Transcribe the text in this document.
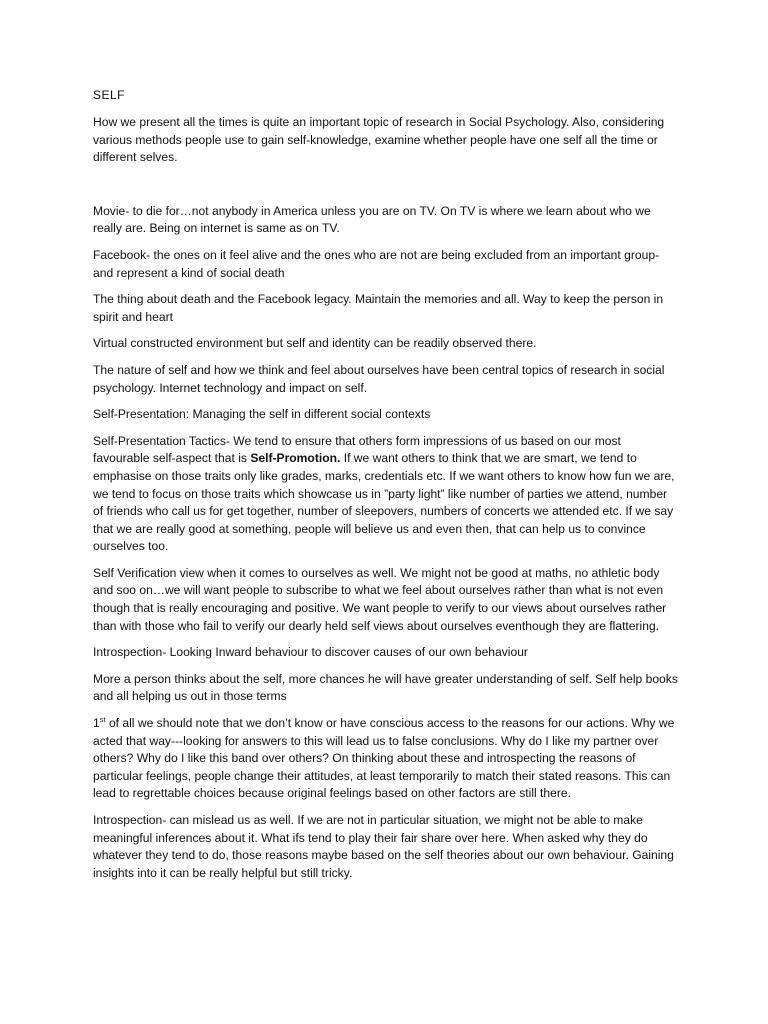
SELF

How we present all the times is quite an important topic of research in Social Psychology. Also, considering various methods people use to gain self-knowledge, examine whether people have one self all the time or different selves.

Movie- to die for…not anybody in America unless you are on TV. On TV is where we learn about who we really are. Being on internet is same as on TV.

Facebook- the ones on it feel alive and the ones who are not are being excluded from an important group- and represent a kind of social death

The thing about death and the Facebook legacy. Maintain the memories and all. Way to keep the person in spirit and heart

Virtual constructed environment but self and identity can be readily observed there.

The nature of self and how we think and feel about ourselves have been central topics of research in social psychology. Internet technology and impact on self.

Self-Presentation: Managing the self in different social contexts

Self-Presentation Tactics- We tend to ensure that others form impressions of us based on our most favourable self-aspect that is Self-Promotion. If we want others to think that we are smart, we tend to emphasise on those traits only like grades, marks, credentials etc. If we want others to know how fun we are, we tend to focus on those traits which showcase us in ”party light” like number of parties we attend, number of friends who call us for get together, number of sleepovers, numbers of concerts we attended etc. If we say that we are really good at something, people will believe us and even then, that can help us to convince ourselves too.

Self Verification view when it comes to ourselves as well. We might not be good at maths, no athletic body and soo on…we will want people to subscribe to what we feel about ourselves rather than what is not even though that is really encouraging and positive. We want people to verify to our views about ourselves rather than with those who fail to verify our dearly held self views about ourselves eventhough they are flattering.

Introspection- Looking Inward behaviour to discover causes of our own behaviour

More a person thinks about the self, more chances he will have greater understanding of self. Self help books and all helping us out in those terms

1st of all we should note that we don’t know or have conscious access to the reasons for our actions. Why we acted that way---looking for answers to this will lead us to false conclusions. Why do I like my partner over others? Why do I like this band over others? On thinking about these and introspecting the reasons of particular feelings, people change their attitudes, at least temporarily to match their stated reasons. This can lead to regrettable choices because original feelings based on other factors are still there.

Introspection- can mislead us as well. If we are not in particular situation, we might not be able to make meaningful inferences about it. What ifs tend to play their fair share over here. When asked why they do whatever they tend to do, those reasons maybe based on the self theories about our own behaviour. Gaining insights into it can be really helpful but still tricky.
